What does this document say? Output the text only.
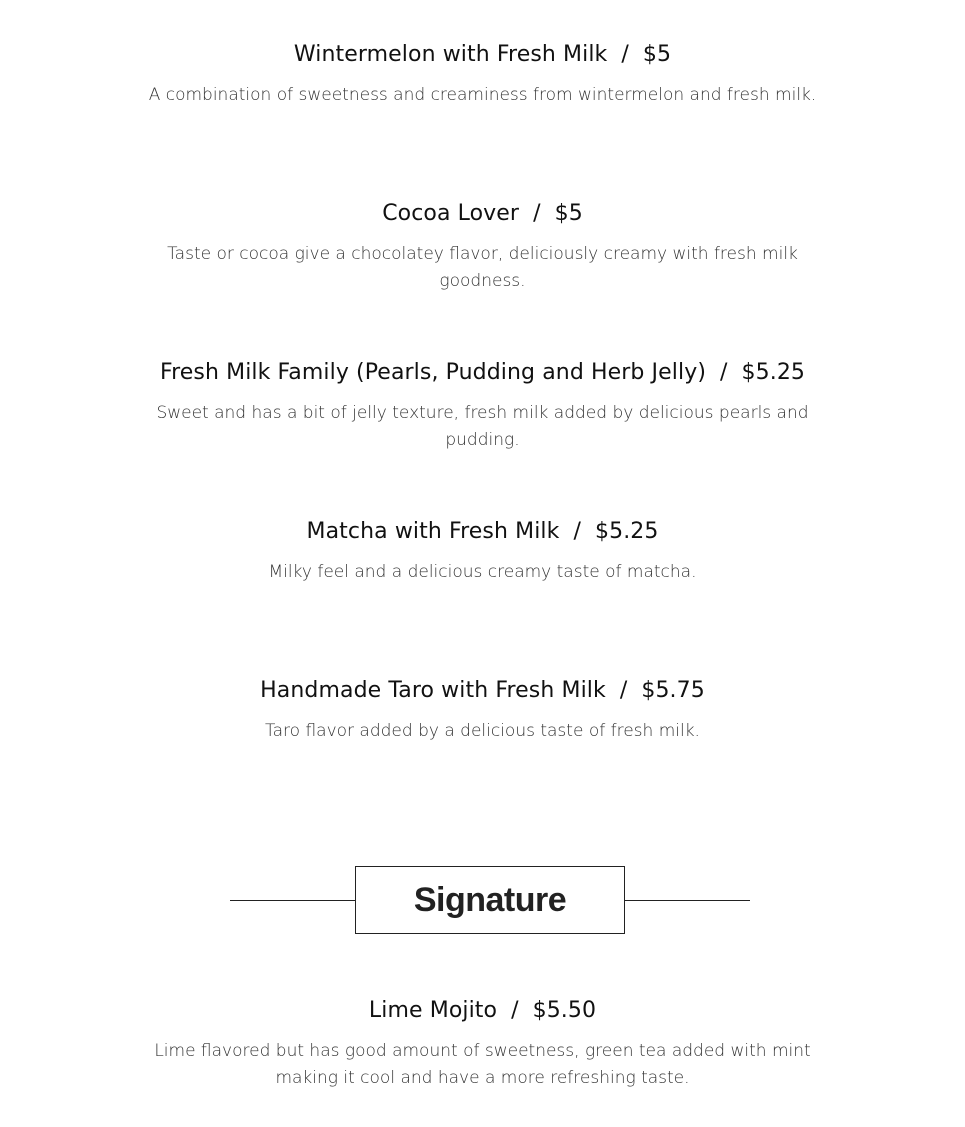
Wintermelon with Fresh Milk / $5
A combination of sweetness and creaminess from wintermelon and fresh milk.
Cocoa Lover / $5
Taste or cocoa give a chocolatey flavor, deliciously creamy with fresh milk goodness.
Fresh Milk Family (Pearls, Pudding and Herb Jelly) / $5.25
Sweet and has a bit of jelly texture, fresh milk added by delicious pearls and pudding.
Matcha with Fresh Milk / $5.25
Milky feel and a delicious creamy taste of matcha.
Handmade Taro with Fresh Milk / $5.75
Taro flavor added by a delicious taste of fresh milk.
Signature
Lime Mojito / $5.50
Lime flavored but has good amount of sweetness, green tea added with mint making it cool and have a more refreshing taste.
